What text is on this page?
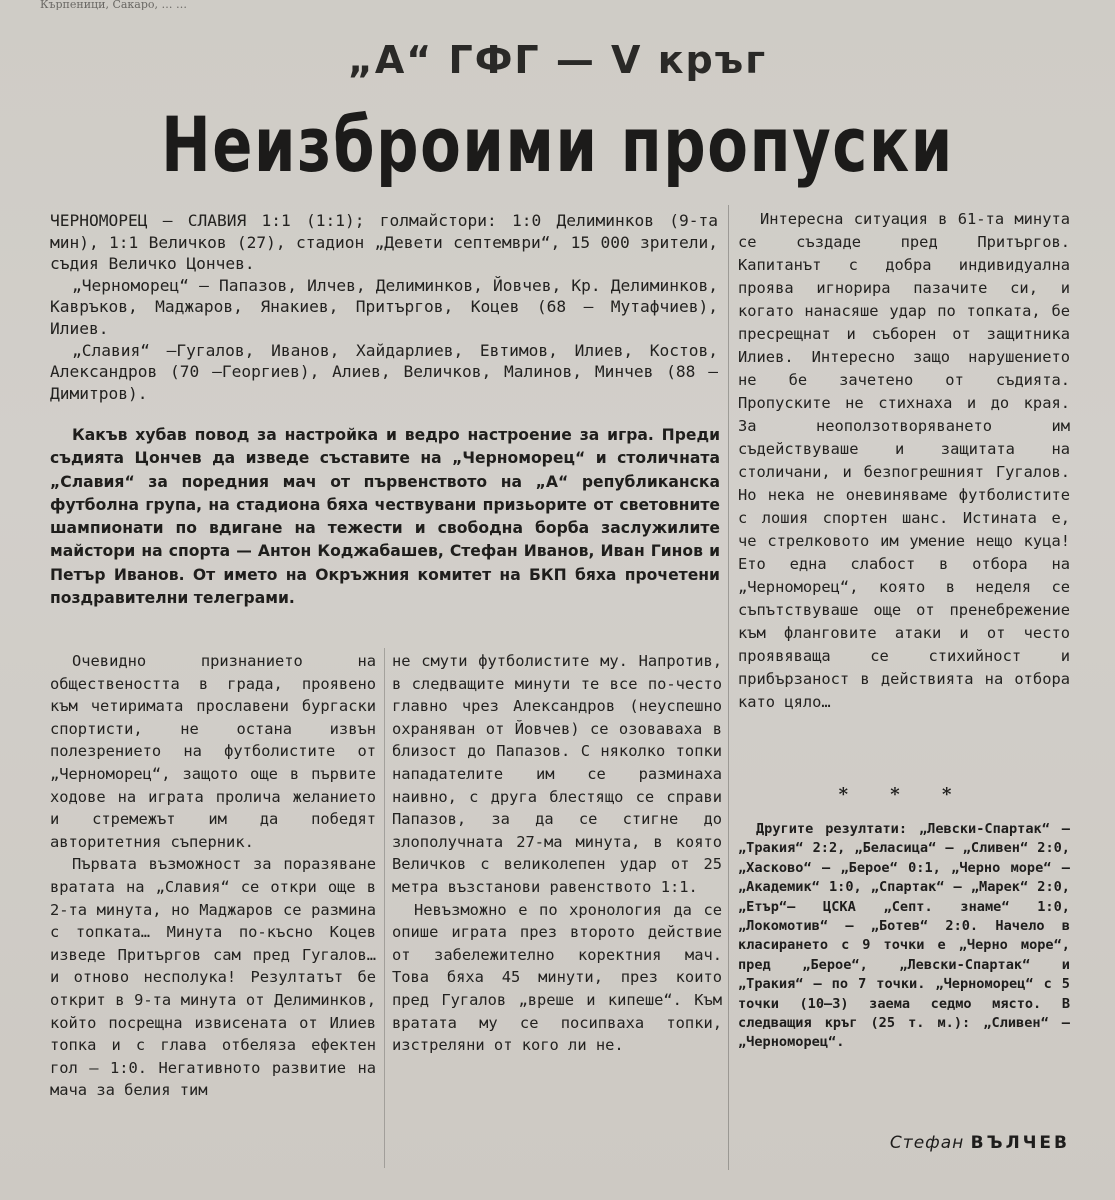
Кърпеници, Сакаро, … …
„А“ ГФГ — V кръг
Неизброими пропуски

ЧЕРНОМОРЕЦ — СЛАВИЯ 1:1 (1:1); голмайстори: 1:0 Делиминков (9-та мин), 1:1 Величков (27), стадион „Девети септември“, 15 000 зрители, съдия Величко Цончев.

„Черноморец“ — Папазов, Илчев, Делиминков, Йовчев, Кр. Делиминков, Кавръков, Маджаров, Янакиев, Притъргов, Коцев (68 — Мутафчиев), Илиев.

„Славия“ —Гугалов, Иванов, Хайдарлиев, Евтимов, Илиев, Костов, Александров (70 —Георгиев), Алиев, Величков, Малинов, Минчев (88 — Димитров).

Какъв хубав повод за настройка и ведро настроение за игра. Преди съдията Цончев да изведе съставите на „Черноморец“ и столичната „Славия“ за поредния мач от първенството на „А“ републиканска футболна група, на стадиона бяха чествувани призьорите от световните шампионати по вдигане на тежести и свободна борба заслужилите майстори на спорта — Антон Коджабашев, Стефан Иванов, Иван Гинов и Петър Иванов. От името на Окръжния комитет на БКП бяха прочетени поздравителни телеграми.

Очевидно признанието на обществеността в града, проявено към четиримата прославени бургаски спортисти, не остана извън полезрението на футболистите от „Черноморец“, защото още в първите ходове на играта пролича желанието и стремежът им да победят авторитетния съперник.

Първата възможност за поразяване вратата на „Славия“ се откри още в 2-та минута, но Маджаров се размина с топката… Минута по-късно Коцев изведе Притъргов сам пред Гугалов… и отново несполука! Резултатът бе открит в 9-та минута от Делиминков, който посрещна извисената от Илиев топка и с глава отбеляза ефектен гол — 1:0. Негативното развитие на мача за белия тим

не смути футболистите му. Напротив, в следващите минути те все по-често главно чрез Александров (неуспешно охраняван от Йовчев) се озоваваха в близост до Папазов. С няколко топки нападателите им се разминаха наивно, с друга блестящо се справи Папазов, за да се стигне до злополучната 27-ма минута, в която Величков с великолепен удар от 25 метра възстанови равенството 1:1.

Невъзможно е по хронология да се опише играта през второто действие от забележително коректния мач. Това бяха 45 минути, през които пред Гугалов „вреше и кипеше“. Към вратата му се посипваха топки, изстреляни от кого ли не.

Интересна ситуация в 61-та минута се създаде пред Притъргов. Капитанът с добра индивидуална проява игнорира пазачите си, и когато нанасяше удар по топката, бе пресрещнат и съборен от защитника Илиев. Интересно защо нарушението не бе зачетено от съдията. Пропуските не стихнаха и до края. За неоползотворяването им съдействуваше и защитата на столичани, и безпогрешният Гугалов. Но нека не оневиняваме футболистите с лошия спортен шанс. Истината е, че стрелковото им умение нещо куца! Ето една слабост в отбора на „Черноморец“, която в неделя се съпътствуваше още от пренебрежение към фланговите атаки и от често проявяваща се стихийност и прибързаност в действията на отбора като цяло…

* * *

Другите резултати: „Левски-Спартак“ — „Тракия“ 2:2, „Беласица“ — „Сливен“ 2:0, „Хасково“ — „Берое“ 0:1, „Черно море“ — „Академик“ 1:0, „Спартак“ — „Марек“ 2:0, „Етър“— ЦСКА „Септ. знаме“ 1:0, „Локомотив“ — „Ботев“ 2:0. Начело в класирането с 9 точки е „Черно море“, пред „Берое“, „Левски-Спартак“ и „Тракия“ — по 7 точки. „Черноморец“ с 5 точки (10—3) заема седмо място. В следващия кръг (25 т. м.): „Сливен“ — „Черноморец“.

Стефан ВЪЛЧЕВ
